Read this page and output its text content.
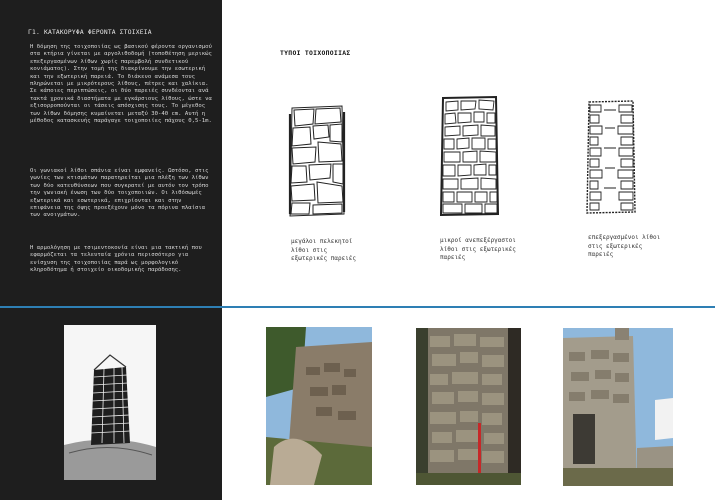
Γ1. ΚΑΤΑΚΟΡΥΦΑ ΦΕΡΟΝΤΑ ΣΤΟΙΧΕΙΑ

Η δόμηση της τοιχοποιίας ως βασικού φέροντα οργανισμού στα κτήρια γίνεται με αργολιθοδομή (τοποθέτηση μερικώς επεξεργασμένων λίθων χωρίς παρεμβολή συνδετικού κονιάματος). Στην τομή της διακρίνουμε την εσωτερική και την εξωτερική παρειά. Το διάκενο ανάμεσα τους πληρώνεται με μικρότερους λίθους, πέτρες και χαλίκια. Σε κάποιες περιπτώσεις, οι δύο παρειές συνδέονται ανά τακτά χρονικά διαστήματα με εγκάρσιους λίθους, ώστε να εξισορροπούνται οι τάσεις απόσχισης τους. Το μέγεθος των λίθων δόμησης κυμαίνεται μεταξύ 30-40 cm. Αυτή η μέθοδος κατασκευής παράγαγε τοιχοποιίες πάχους 0,5-1m.

Οι γωνιακοί λίθοι σπάνια είναι εμφανείς. Ωστόσο, στις γωνίες των κτισμάτων παρατηρείται μια πλέξη των λίθων των δύο κατευθύνσεων που συγκρατεί με αυτόν τον τρόπο την γωνιακή ένωση των δύο τοιχοποιιών. Οι λιθόσωμές εξωτερικά και εσωτερικά, επιχρίονται και στην επιφάνεια της όψης προεξέχουν μόνο τα πόρινα πλαίσια των ανοιγμάτων.

Η αρμολόγηση με τσιμεντοκονία είναι μια τακτική που εφαρμόζεται τα τελευταία χρόνια περισσότερο για ενίσχυση της τοιχοποιίας παρά ως μορφολογικό κληροδότημα ή στοιχείο οικοδομικής παράδοσης.

ΤΥΠΟΙ ΤΟΙΧΟΠΟΙΙΑΣ
μεγάλοι πελεκητοί
λίθοι στις
εξωτερικές παρειές
μικροί ανεπεξέργαστοι
λίθοι στις εξωτερικές
παρειές
επεξεργασμένοι λίθοι
στις εξωτερικές
παρειές
